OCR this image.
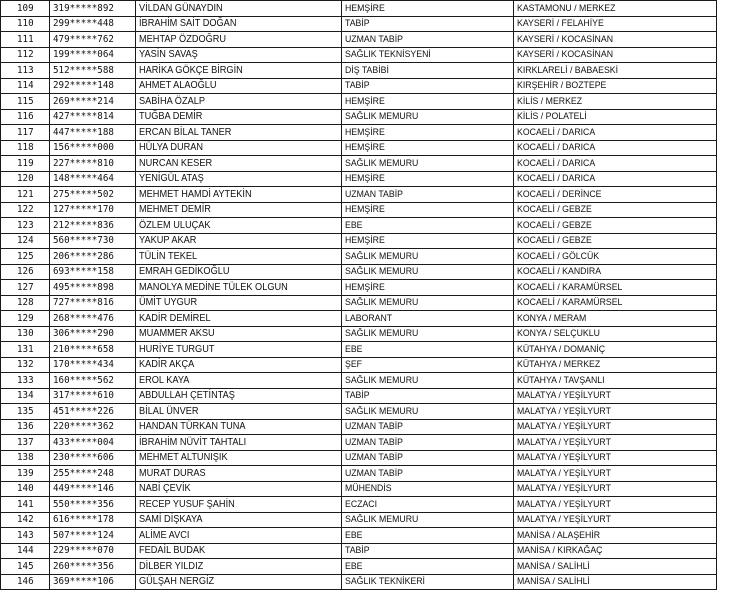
109	319*****892	VİLDAN GÜNAYDIN	HEMŞİRE	KASTAMONU / MERKEZ
110	299*****448	İBRAHİM SAİT DOĞAN	TABİP	KAYSERİ / FELAHİYE
111	479*****762	MEHTAP ÖZDOĞRU	UZMAN TABİP	KAYSERİ / KOCASİNAN
112	199*****064	YASİN SAVAŞ	SAĞLIK TEKNİSYENİ	KAYSERİ / KOCASİNAN
113	512*****588	HARİKA GÖKÇE BİRGİN	DİŞ TABİBİ	KIRKLARELİ / BABAESKİ
114	292*****148	AHMET ALAOĞLU	TABİP	KIRŞEHİR / BOZTEPE
115	269*****214	SABİHA ÖZALP	HEMŞİRE	KİLİS / MERKEZ
116	427*****814	TUĞBA DEMİR	SAĞLIK MEMURU	KİLİS / POLATELİ
117	447*****188	ERCAN BİLAL TANER	HEMŞİRE	KOCAELİ / DARICA
118	156*****000	HÜLYA DURAN	HEMŞİRE	KOCAELİ / DARICA
119	227*****810	NURCAN KESER	SAĞLIK MEMURU	KOCAELİ / DARICA
120	148*****464	YENİGÜL ATAŞ	HEMŞİRE	KOCAELİ / DARICA
121	275*****502	MEHMET HAMDİ AYTEKİN	UZMAN TABİP	KOCAELİ / DERİNCE
122	127*****170	MEHMET DEMİR	HEMŞİRE	KOCAELİ / GEBZE
123	212*****836	ÖZLEM ULUÇAK	EBE	KOCAELİ / GEBZE
124	560*****730	YAKUP AKAR	HEMŞİRE	KOCAELİ / GEBZE
125	206*****286	TÜLİN TEKEL	SAĞLIK MEMURU	KOCAELİ / GÖLCÜK
126	693*****158	EMRAH GEDİKOĞLU	SAĞLIK MEMURU	KOCAELİ / KANDIRA
127	495*****898	MANOLYA MEDİNE TÜLEK OLGUN	HEMŞİRE	KOCAELİ / KARAMÜRSEL
128	727*****816	ÜMİT UYGUR	SAĞLIK MEMURU	KOCAELİ / KARAMÜRSEL
129	268*****476	KADİR DEMİREL	LABORANT	KONYA / MERAM
130	306*****290	MUAMMER AKSU	SAĞLIK MEMURU	KONYA / SELÇUKLU
131	210*****658	HURİYE TURGUT	EBE	KÜTAHYA / DOMANİÇ
132	170*****434	KADİR AKÇA	ŞEF	KÜTAHYA / MERKEZ
133	160*****562	EROL KAYA	SAĞLIK MEMURU	KÜTAHYA / TAVŞANLI
134	317*****610	ABDULLAH ÇETİNTAŞ	TABİP	MALATYA / YEŞİLYURT
135	451*****226	BİLAL ÜNVER	SAĞLIK MEMURU	MALATYA / YEŞİLYURT
136	220*****362	HANDAN TÜRKAN TUNA	UZMAN TABİP	MALATYA / YEŞİLYURT
137	433*****004	İBRAHİM NÜVİT TAHTALI	UZMAN TABİP	MALATYA / YEŞİLYURT
138	230*****606	MEHMET ALTUNIŞIK	UZMAN TABİP	MALATYA / YEŞİLYURT
139	255*****248	MURAT DURAS	UZMAN TABİP	MALATYA / YEŞİLYURT
140	449*****146	NABİ ÇEVİK	MÜHENDİS	MALATYA / YEŞİLYURT
141	550*****356	RECEP YUSUF ŞAHİN	ECZACI	MALATYA / YEŞİLYURT
142	616*****178	SAMİ DİŞKAYA	SAĞLIK MEMURU	MALATYA / YEŞİLYURT
143	507*****124	ALİME AVCI	EBE	MANİSA / ALAŞEHİR
144	229*****070	FEDAİL BUDAK	TABİP	MANİSA / KIRKAĞAÇ
145	260*****356	DİLBER YILDIZ	EBE	MANİSA / SALİHLİ
146	369*****106	GÜLŞAH NERGİZ	SAĞLIK TEKNİKERİ	MANİSA / SALİHLİ
